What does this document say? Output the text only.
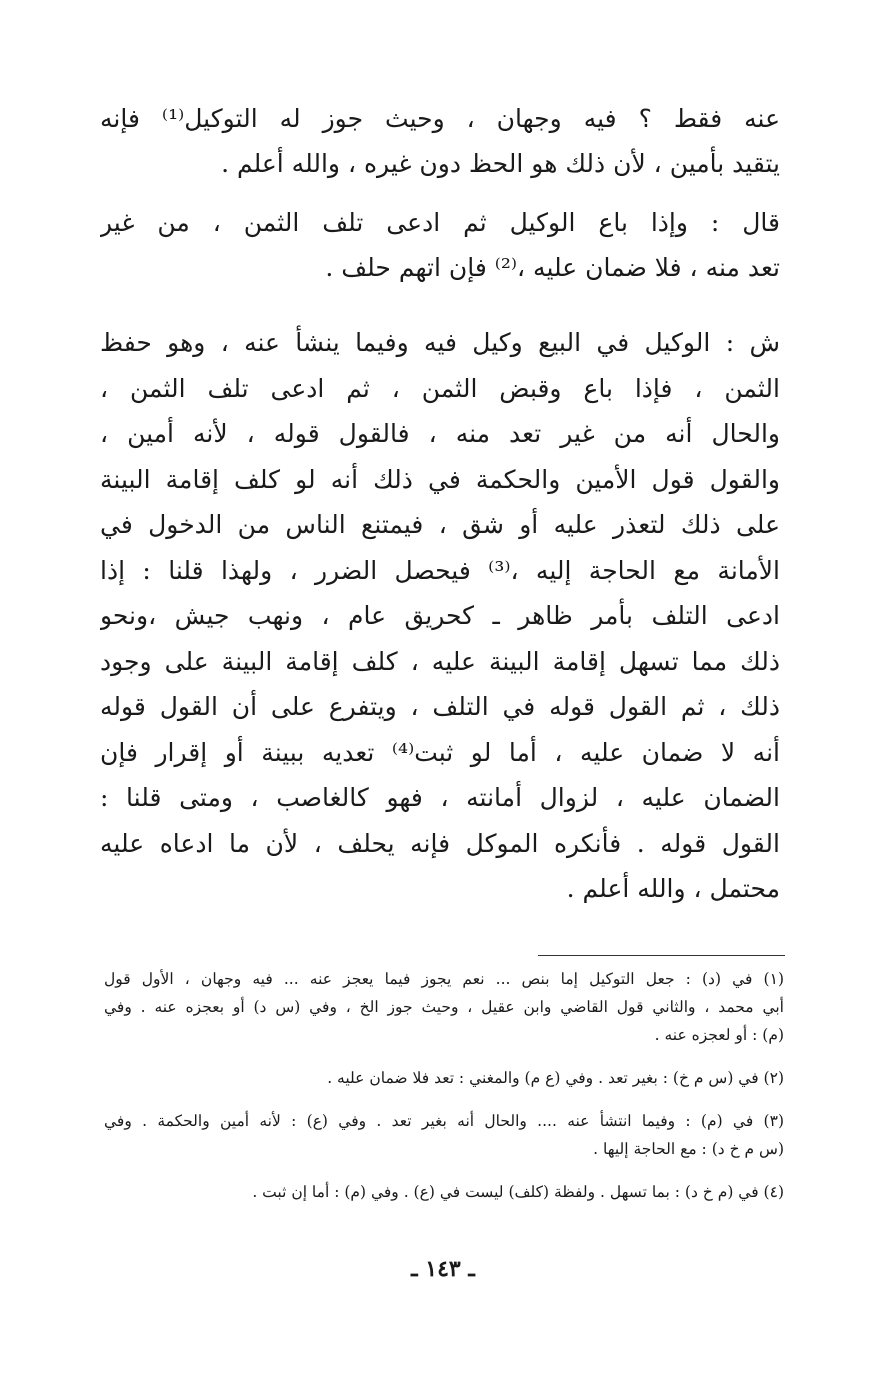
عنه فقط ؟ فيه وجهان ، وحيث جوز له التوكيل⁽¹⁾ فإنه
يتقيد بأمين ، لأن ذلك هو الحظ دون غيره ، والله أعلم .
قال : وإذا باع الوكيل ثم ادعى تلف الثمن ، من غير
تعد منه ، فلا ضمان عليه ،⁽²⁾ فإن اتهم حلف .
ش : الوكيل في البيع وكيل فيه وفيما ينشأ عنه ، وهو حفظ
الثمن ، فإذا باع وقبض الثمن ، ثم ادعى تلف الثمن ،
والحال أنه من غير تعد منه ، فالقول قوله ، لأنه أمين ،
والقول قول الأمين والحكمة في ذلك أنه لو كلف إقامة البينة
على ذلك لتعذر عليه أو شق ، فيمتنع الناس من الدخول في
الأمانة مع الحاجة إليه ،⁽³⁾ فيحصل الضرر ، ولهذا قلنا : إذا
ادعى التلف بأمر ظاهر ـ كحريق عام ، ونهب جيش ،ونحو
ذلك مما تسهل إقامة البينة عليه ، كلف إقامة البينة على وجود
ذلك ، ثم القول قوله في التلف ، ويتفرع على أن القول قوله
أنه لا ضمان عليه ، أما لو ثبت⁽⁴⁾ تعديه ببينة أو إقرار فإن
الضمان عليه ، لزوال أمانته ، فهو كالغاصب ، ومتى قلنا :
القول قوله . فأنكره الموكل فإنه يحلف ، لأن ما ادعاه عليه
محتمل ، والله أعلم .
(١) في (د) : جعل التوكيل إما بنص ... نعم يجوز فيما يعجز عنه ... فيه وجهان ، الأول قول
أبي محمد ، والثاني قول القاضي وابن عقيل ، وحيث جوز الخ ، وفي (س د) أو بعجزه عنه . وفي
(م) : أو لعجزه عنه .
(٢) في (س م خ) : بغير تعد . وفي (ع م) والمغني : تعد فلا ضمان عليه .
(٣) في (م) : وفيما انتشأ عنه .... والحال أنه بغير تعد . وفي (ع) : لأنه أمين والحكمة . وفي
(س م خ د) : مع الحاجة إليها .
(٤) في (م خ د) : بما تسهل . ولفظة (كلف) ليست في (ع) . وفي (م) : أما إن ثبت .
ـ ١٤٣ ـ
